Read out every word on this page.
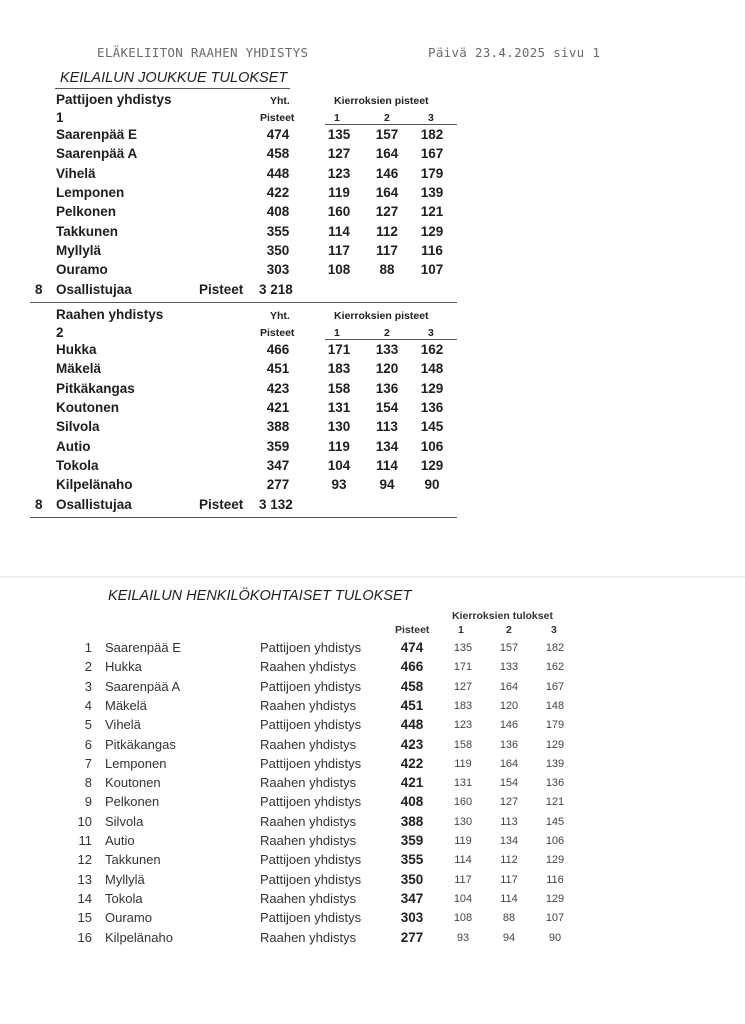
ELÄKELIITON RAAHEN YHDISTYS	Päivä 23.4.2025 sivu 1
KEILAILUN JOUKKUE TULOKSET
Pattijoen yhdistys
1
Yht.
Pisteet
Kierroksien pisteet
1	2	3
Saarenpää E	474	135	157	182
Saarenpää A	458	127	164	167
Vihelä	448	123	146	179
Lemponen	422	119	164	139
Pelkonen	408	160	127	121
Takkunen	355	114	112	129
Myllylä	350	117	117	116
Ouramo	303	108	88	107
8 Osallistujaa	Pisteet 3 218
Raahen yhdistys
2
Yht.
Pisteet
Kierroksien pisteet
1	2	3
Hukka	466	171	133	162
Mäkelä	451	183	120	148
Pitkäkangas	423	158	136	129
Koutonen	421	131	154	136
Silvola	388	130	113	145
Autio	359	119	134	106
Tokola	347	104	114	129
Kilpelänaho	277	93	94	90
8 Osallistujaa	Pisteet 3 132
KEILAILUN HENKILÖKOHTAISET TULOKSET
Kierroksien tulokset
Pisteet	1	2	3
1 Saarenpää E	Pattijoen yhdistys	474	135	157	182
2 Hukka	Raahen yhdistys	466	171	133	162
3 Saarenpää A	Pattijoen yhdistys	458	127	164	167
4 Mäkelä	Raahen yhdistys	451	183	120	148
5 Vihelä	Pattijoen yhdistys	448	123	146	179
6 Pitkäkangas	Raahen yhdistys	423	158	136	129
7 Lemponen	Pattijoen yhdistys	422	119	164	139
8 Koutonen	Raahen yhdistys	421	131	154	136
9 Pelkonen	Pattijoen yhdistys	408	160	127	121
10 Silvola	Raahen yhdistys	388	130	113	145
11 Autio	Raahen yhdistys	359	119	134	106
12 Takkunen	Pattijoen yhdistys	355	114	112	129
13 Myllylä	Pattijoen yhdistys	350	117	117	116
14 Tokola	Raahen yhdistys	347	104	114	129
15 Ouramo	Pattijoen yhdistys	303	108	88	107
16 Kilpelänaho	Raahen yhdistys	277	93	94	90
